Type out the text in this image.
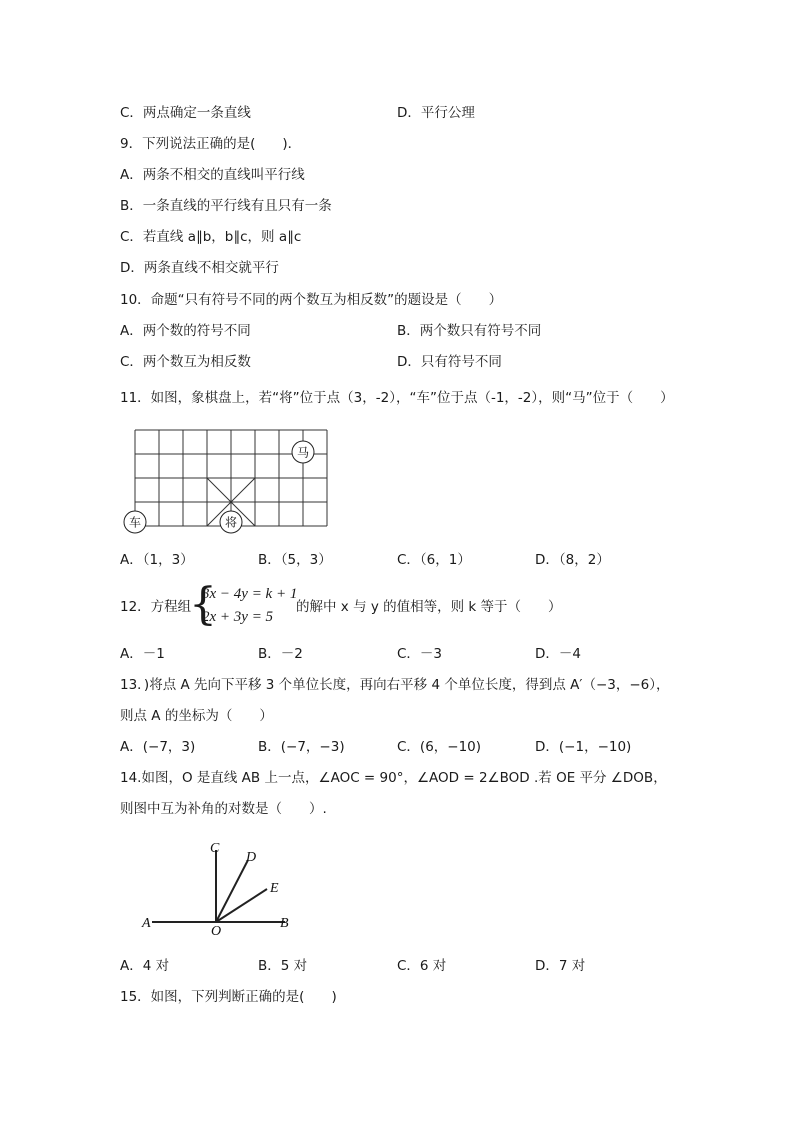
C．两点确定一条直线	D．平行公理
9．下列说法正确的是(　　)．
A．两条不相交的直线叫平行线
B．一条直线的平行线有且只有一条
C．若直线 a∥b，b∥c，则 a∥c
D．两条直线不相交就平行
10．命题“只有符号不同的两个数互为相反数”的题设是（　　）
A．两个数的符号不同	B．两个数只有符号不同
C．两个数互为相反数	D．只有符号不同
11．如图，象棋盘上，若“将”位于点（3，-2），“车”位于点（-1，-2），则“马”位于（　　）
马
车	将
A．（1，3）	B．（5，3）	C．（6，1）	D．（8，2）
12．方程组
{
3x − 4y = k + 1
2x + 3y = 5
的解中 x 与 y 的值相等，则 k 等于（　　）
A．－1	B．－2	C．－3	D．－4
13．)将点 A 先向下平移 3 个单位长度，再向右平移 4 个单位长度，得到点 A′（−3，−6），
则点 A 的坐标为（　　）
A．(−7，3)	B．(−7，−3)	C．(6，−10)	D．(−1，−10)
14.如图，O 是直线 AB 上一点，∠AOC = 90°，∠AOD = 2∠BOD .若 OE 平分 ∠DOB，
则图中互为补角的对数是（　　）.
A	B
C
D
E
O
A．4 对	B．5 对	C．6 对	D．7 对
15．如图，下列判断正确的是(　　)
